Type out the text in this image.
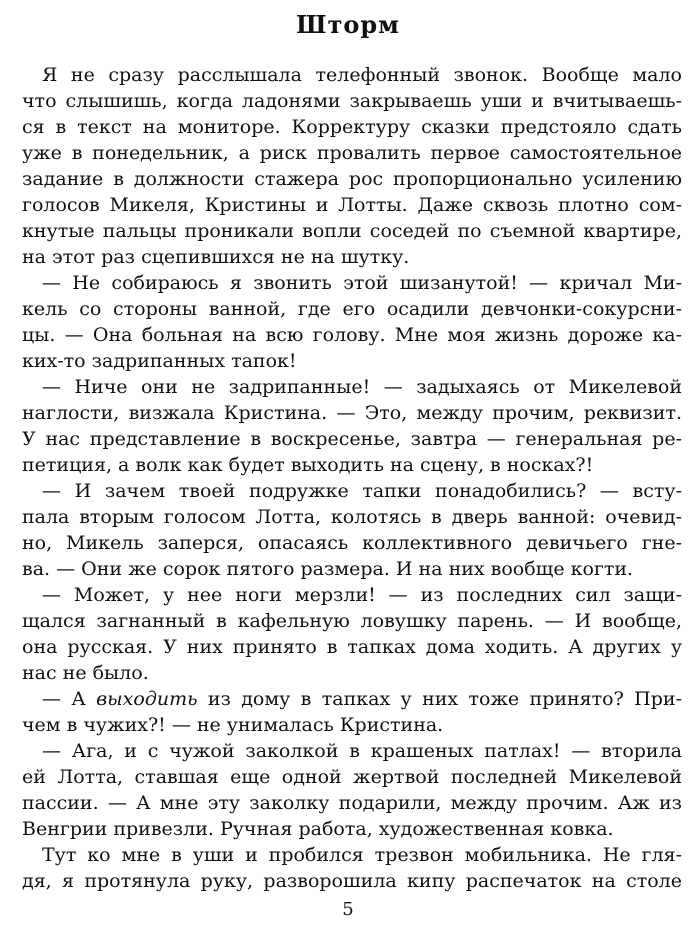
Шторм
Я не сразу расслышала телефонный звонок. Вообще мало
что слышишь, когда ладонями закрываешь уши и вчитываешь-
ся в текст на мониторе. Корректуру сказки предстояло сдать
уже в понедельник, а риск провалить первое самостоятельное
задание в должности стажера рос пропорционально усилению
голосов Микеля, Кристины и Лотты. Даже сквозь плотно сом-
кнутые пальцы проникали вопли соседей по съемной квартире,
на этот раз сцепившихся не на шутку.
— Не собираюсь я звонить этой шизанутой! — кричал Ми-
кель со стороны ванной, где его осадили девчонки-сокурсни-
цы. — Она больная на всю голову. Мне моя жизнь дороже ка-
ких-то задрипанных тапок!
— Ниче они не задрипанные! — задыхаясь от Микелевой
наглости, визжала Кристина. — Это, между прочим, реквизит.
У нас представление в воскресенье, завтра — генеральная ре-
петиция, а волк как будет выходить на сцену, в носках?!
— И зачем твоей подружке тапки понадобились? — всту-
пала вторым голосом Лотта, колотясь в дверь ванной: очевид-
но, Микель заперся, опасаясь коллективного девичьего гне-
ва. — Они же сорок пятого размера. И на них вообще когти.
— Может, у нее ноги мерзли! — из последних сил защи-
щался загнанный в кафельную ловушку парень. — И вообще,
она русская. У них принято в тапках дома ходить. А других у
нас не было.
— А выходить из дому в тапках у них тоже принято? При-
чем в чужих?! — не унималась Кристина.
— Ага, и с чужой заколкой в крашеных патлах! — вторила
ей Лотта, ставшая еще одной жертвой последней Микелевой
пассии. — А мне эту заколку подарили, между прочим. Аж из
Венгрии привезли. Ручная работа, художественная ковка.
Тут ко мне в уши и пробился трезвон мобильника. Не гля-
дя, я протянула руку, разворошила кипу распечаток на столе
5
